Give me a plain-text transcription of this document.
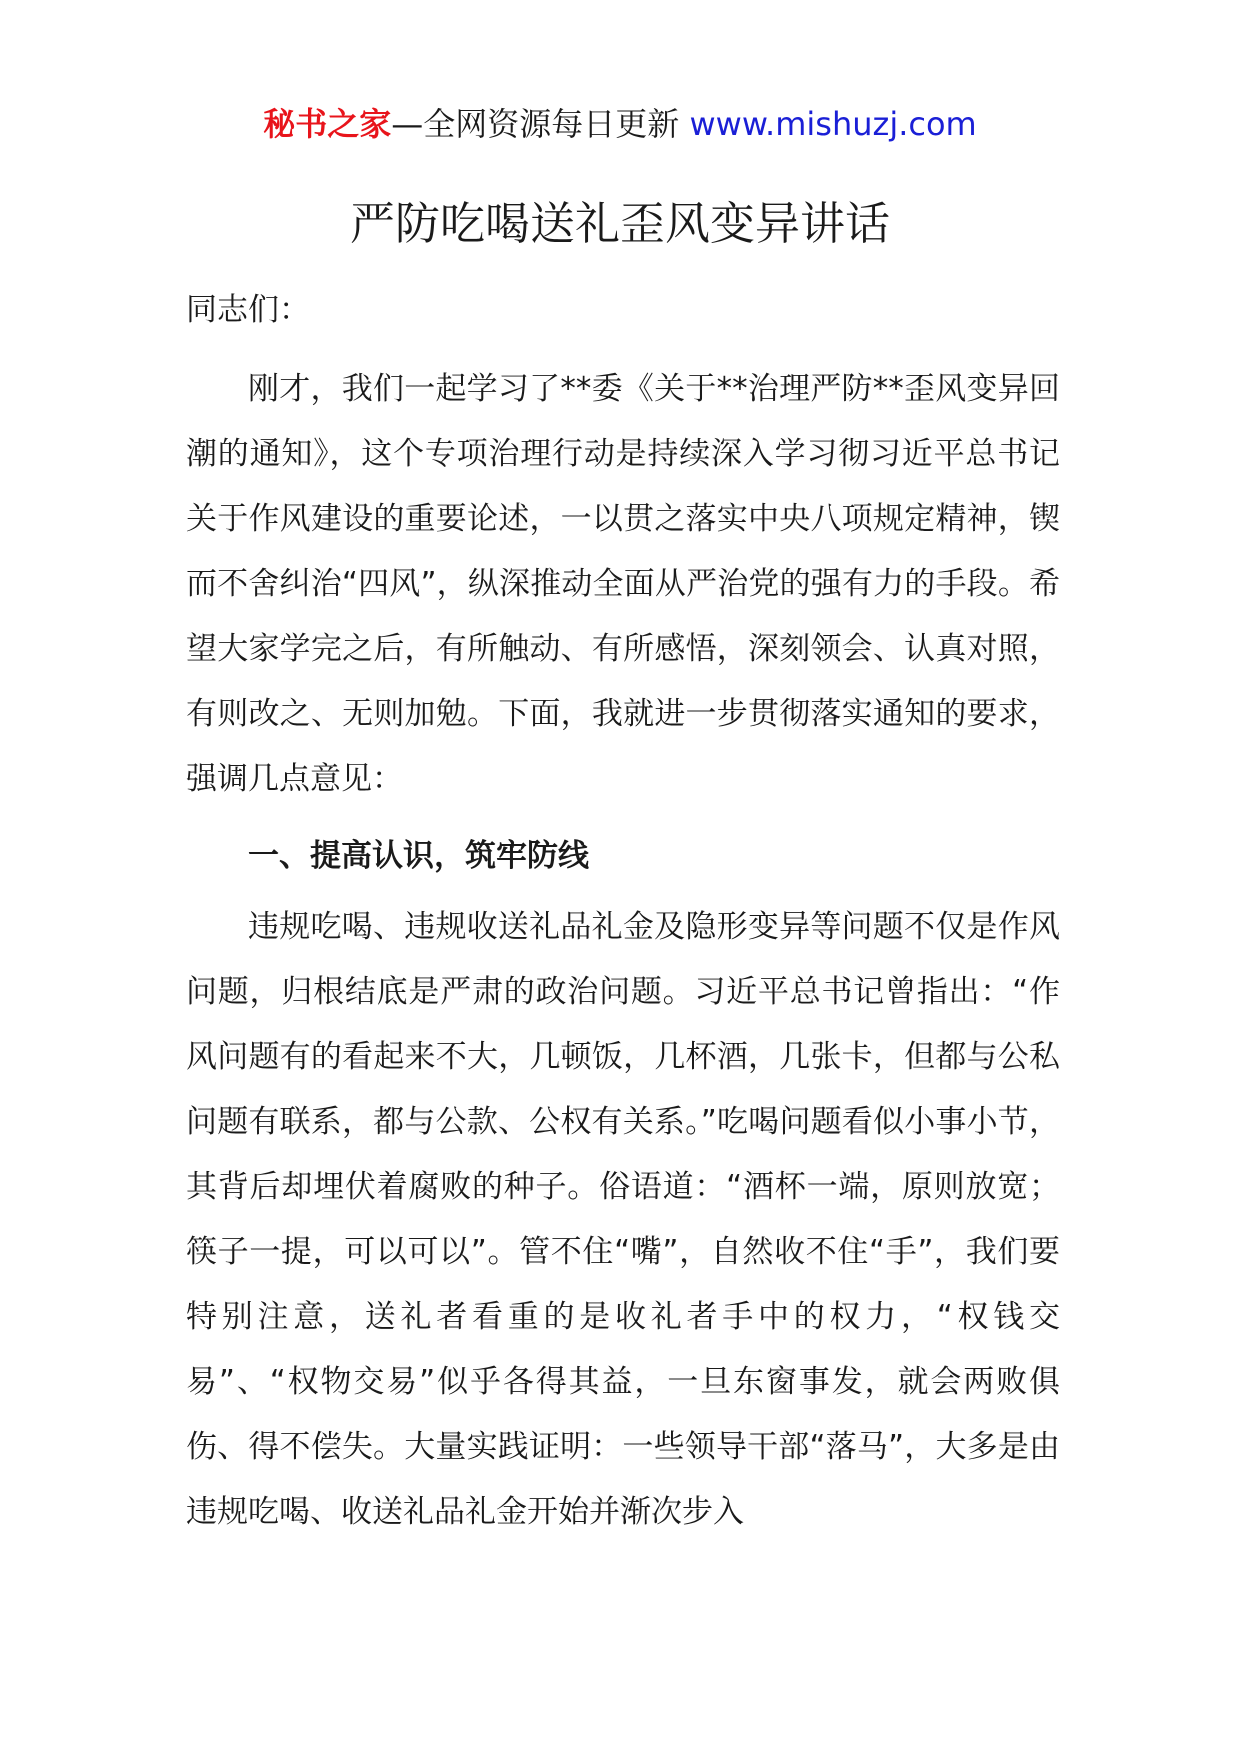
秘书之家—全网资源每日更新 www.mishuzj.com
严防吃喝送礼歪风变异讲话

同志们：

刚才，我们一起学习了**委《关于**治理严防**歪风变异回潮的通知》，这个专项治理行动是持续深入学习彻习近平总书记关于作风建设的重要论述，一以贯之落实中央八项规定精神，锲而不舍纠治“四风”，纵深推动全面从严治党的强有力的手段。希望大家学完之后，有所触动、有所感悟，深刻领会、认真对照，有则改之、无则加勉。下面，我就进一步贯彻落实通知的要求，强调几点意见：

一、提高认识，筑牢防线

违规吃喝、违规收送礼品礼金及隐形变异等问题不仅是作风问题，归根结底是严肃的政治问题。习近平总书记曾指出：“作风问题有的看起来不大，几顿饭，几杯酒，几张卡，但都与公私问题有联系，都与公款、公权有关系。”吃喝问题看似小事小节，其背后却埋伏着腐败的种子。俗语道：“酒杯一端，原则放宽；筷子一提，可以可以”。管不住“嘴”，自然收不住“手”，我们要特别注意，送礼者看重的是收礼者手中的权力，“权钱交易”、“权物交易”似乎各得其益，一旦东窗事发，就会两败俱伤、得不偿失。大量实践证明：一些领导干部“落马”，大多是由违规吃喝、收送礼品礼金开始并渐次步入
